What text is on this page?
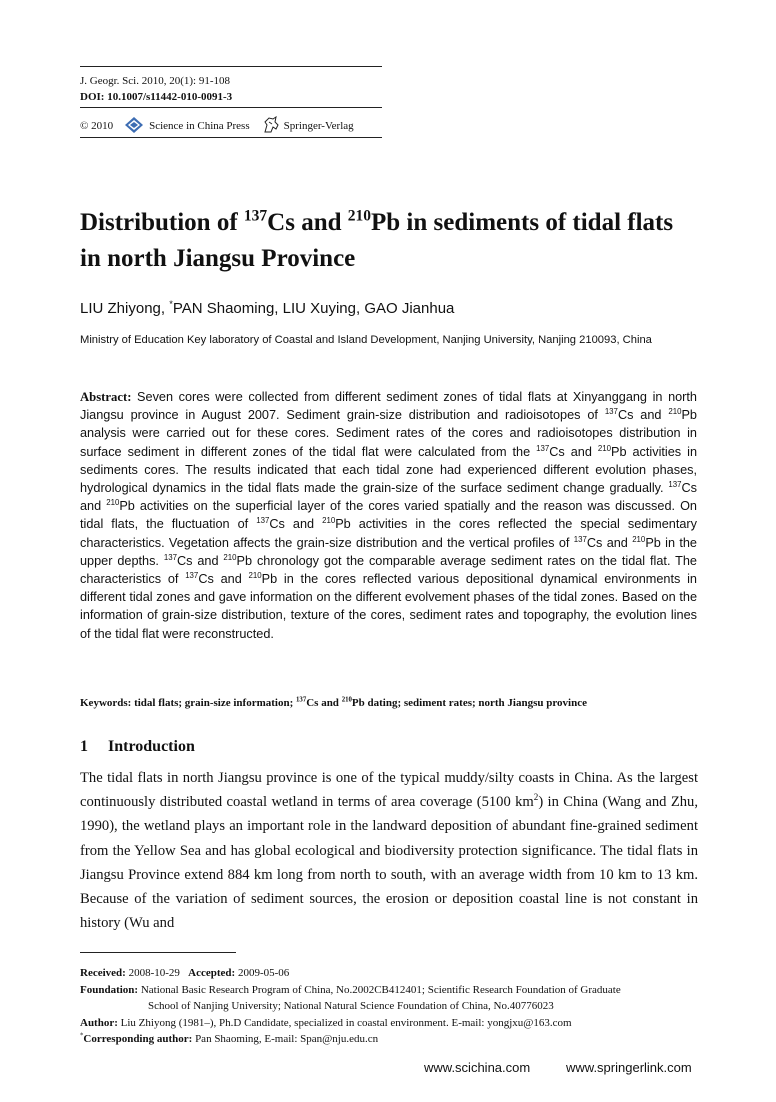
J. Geogr. Sci. 2010, 20(1): 91-108
DOI: 10.1007/s11442-010-0091-3
© 2010	Science in China Press	Springer-Verlag
Distribution of $^{137}$Cs and $^{210}$Pb in sediments of tidal flats in north Jiangsu Province
LIU Zhiyong, *PAN Shaoming, LIU Xuying, GAO Jianhua
Ministry of Education Key laboratory of Coastal and Island Development, Nanjing University, Nanjing 210093, China
Abstract: Seven cores were collected from different sediment zones of tidal flats at Xinyanggang in north Jiangsu province in August 2007. Sediment grain-size distribution and radioisotopes of $^{137}$Cs and $^{210}$Pb analysis were carried out for these cores. Sediment rates of the cores and radioisotopes distribution in surface sediment in different zones of the tidal flat were calculated from the $^{137}$Cs and $^{210}$Pb activities in sediments cores. The results indicated that each tidal zone had experienced different evolution phases, hydrological dynamics in the tidal flats made the grain-size of the surface sediment change gradually. $^{137}$Cs and $^{210}$Pb activities on the superficial layer of the cores varied spatially and the reason was discussed. On tidal flats, the fluctuation of $^{137}$Cs and $^{210}$Pb activities in the cores reflected the special sedimentary characteristics. Vegetation affects the grain-size distribution and the vertical profiles of $^{137}$Cs and $^{210}$Pb in the upper depths. $^{137}$Cs and $^{210}$Pb chronology got the comparable average sediment rates on the tidal flat. The characteristics of $^{137}$Cs and $^{210}$Pb in the cores reflected various depositional dynamical environments in different tidal zones and gave information on the different evolvement phases of the tidal zones. Based on the information of grain-size distribution, texture of the cores, sediment rates and topography, the evolution lines of the tidal flat were reconstructed.
Keywords: tidal flats; grain-size information; $^{137}$Cs and $^{210}$Pb dating; sediment rates; north Jiangsu province
1 Introduction
The tidal flats in north Jiangsu province is one of the typical muddy/silty coasts in China. As the largest continuously distributed coastal wetland in terms of area coverage (5100 $km^2$) in China (Wang and Zhu, 1990), the wetland plays an important role in the landward deposition of abundant fine-grained sediment from the Yellow Sea and has global ecological and biodiversity protection significance. The tidal flats in Jiangsu Province extend 884 km long from north to south, with an average width from 10 km to 13 km. Because of the variation of sediment sources, the erosion or deposition coastal line is not constant in history (Wu and
Received: 2008-10-29 Accepted: 2009-05-06
Foundation: National Basic Research Program of China, No.2002CB412401; Scientific Research Foundation of Graduate
School of Nanjing University; National Natural Science Foundation of China, No.40776023
Author: Liu Zhiyong (1981–), Ph.D Candidate, specialized in coastal environment. E-mail: yongjxu@163.com
*Corresponding author: Pan Shaoming, E-mail: Span@nju.edu.cn
www.scichina.com	www.springerlink.com
